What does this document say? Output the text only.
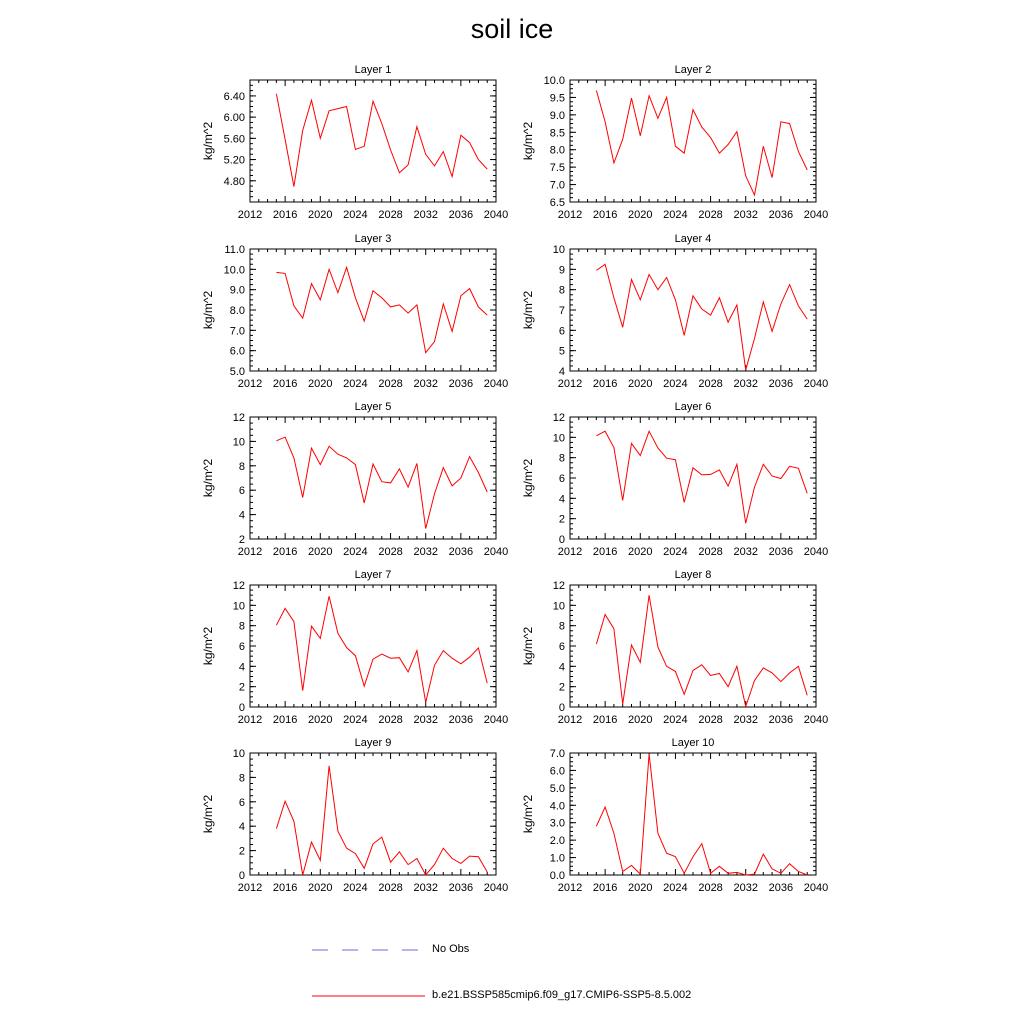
soil ice
2012 2016 2020 2024 2028 2032 2036 2040
4.80
5.20
5.60
6.00
6.40
Layer 1
kg/m^2
2012 2016 2020 2024 2028 2032 2036 2040
6.5
7.0
7.5
8.0
8.5
9.0
9.5
10.0
Layer 2
kg/m^2
2012 2016 2020 2024 2028 2032 2036 2040
5.0
6.0
7.0
8.0
9.0
10.0
11.0
Layer 3
kg/m^2
2012 2016 2020 2024 2028 2032 2036 2040
4
5
6
7
8
9
10
Layer 4
kg/m^2
2012 2016 2020 2024 2028 2032 2036 2040
2
4
6
8
10
12
Layer 5
kg/m^2
2012 2016 2020 2024 2028 2032 2036 2040
0
2
4
6
8
10
12
Layer 6
kg/m^2
2012 2016 2020 2024 2028 2032 2036 2040
0
2
4
6
8
10
12
Layer 7
kg/m^2
2012 2016 2020 2024 2028 2032 2036 2040
0
2
4
6
8
10
12
Layer 8
kg/m^2
2012 2016 2020 2024 2028 2032 2036 2040
0
2
4
6
8
10
Layer 9
kg/m^2
2012 2016 2020 2024 2028 2032 2036 2040
0.0
1.0
2.0
3.0
4.0
5.0
6.0
7.0
Layer 10
kg/m^2
No Obs
b.e21.BSSP585cmip6.f09_g17.CMIP6-SSP5-8.5.002
